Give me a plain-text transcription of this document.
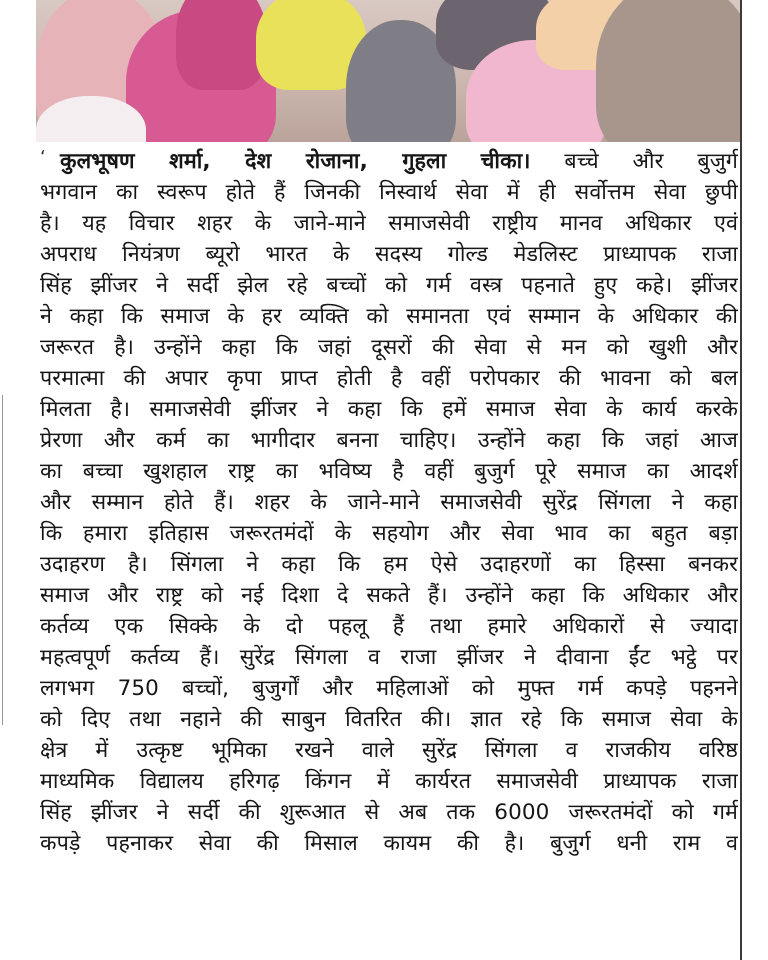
‘ कुलभूषण शर्मा, देश रोजाना, गुहला चीका। बच्चे और बुजुर्ग
भगवान का स्वरूप होते हैं जिनकी निस्वार्थ सेवा में ही सर्वोत्तम सेवा छुपी
है। यह विचार शहर के जाने-माने समाजसेवी राष्ट्रीय मानव अधिकार एवं
अपराध नियंत्रण ब्यूरो भारत के सदस्य गोल्ड मेडलिस्ट प्राध्यापक राजा
सिंह झींजर ने सर्दी झेल रहे बच्चों को गर्म वस्त्र पहनाते हुए कहे। झींजर
ने कहा कि समाज के हर व्यक्ति को समानता एवं सम्मान के अधिकार की
जरूरत है। उन्होंने कहा कि जहां दूसरों की सेवा से मन को खुशी और
परमात्मा की अपार कृपा प्राप्त होती है वहीं परोपकार की भावना को बल
मिलता है। समाजसेवी झींजर ने कहा कि हमें समाज सेवा के कार्य करके
प्रेरणा और कर्म का भागीदार बनना चाहिए। उन्होंने कहा कि जहां आज
का बच्चा खुशहाल राष्ट्र का भविष्य है वहीं बुजुर्ग पूरे समाज का आदर्श
और सम्मान होते हैं। शहर के जाने-माने समाजसेवी सुरेंद्र सिंगला ने कहा
कि हमारा इतिहास जरूरतमंदों के सहयोग और सेवा भाव का बहुत बड़ा
उदाहरण है। सिंगला ने कहा कि हम ऐसे उदाहरणों का हिस्सा बनकर
समाज और राष्ट्र को नई दिशा दे सकते हैं। उन्होंने कहा कि अधिकार और
कर्तव्य एक सिक्के के दो पहलू हैं तथा हमारे अधिकारों से ज्यादा
महत्वपूर्ण कर्तव्य हैं। सुरेंद्र सिंगला व राजा झींजर ने दीवाना ईंट भट्ठे पर
लगभग 750 बच्चों, बुजुर्गों और महिलाओं को मुफ्त गर्म कपड़े पहनने
को दिए तथा नहाने की साबुन वितरित की। ज्ञात रहे कि समाज सेवा के
क्षेत्र में उत्कृष्ट भूमिका रखने वाले सुरेंद्र सिंगला व राजकीय वरिष्ठ
माध्यमिक विद्यालय हरिगढ़ किंगन में कार्यरत समाजसेवी प्राध्यापक राजा
सिंह झींजर ने सर्दी की शुरूआत से अब तक 6000 जरूरतमंदों को गर्म
कपड़े पहनाकर सेवा की मिसाल कायम की है। बुजुर्ग धनी राम व
